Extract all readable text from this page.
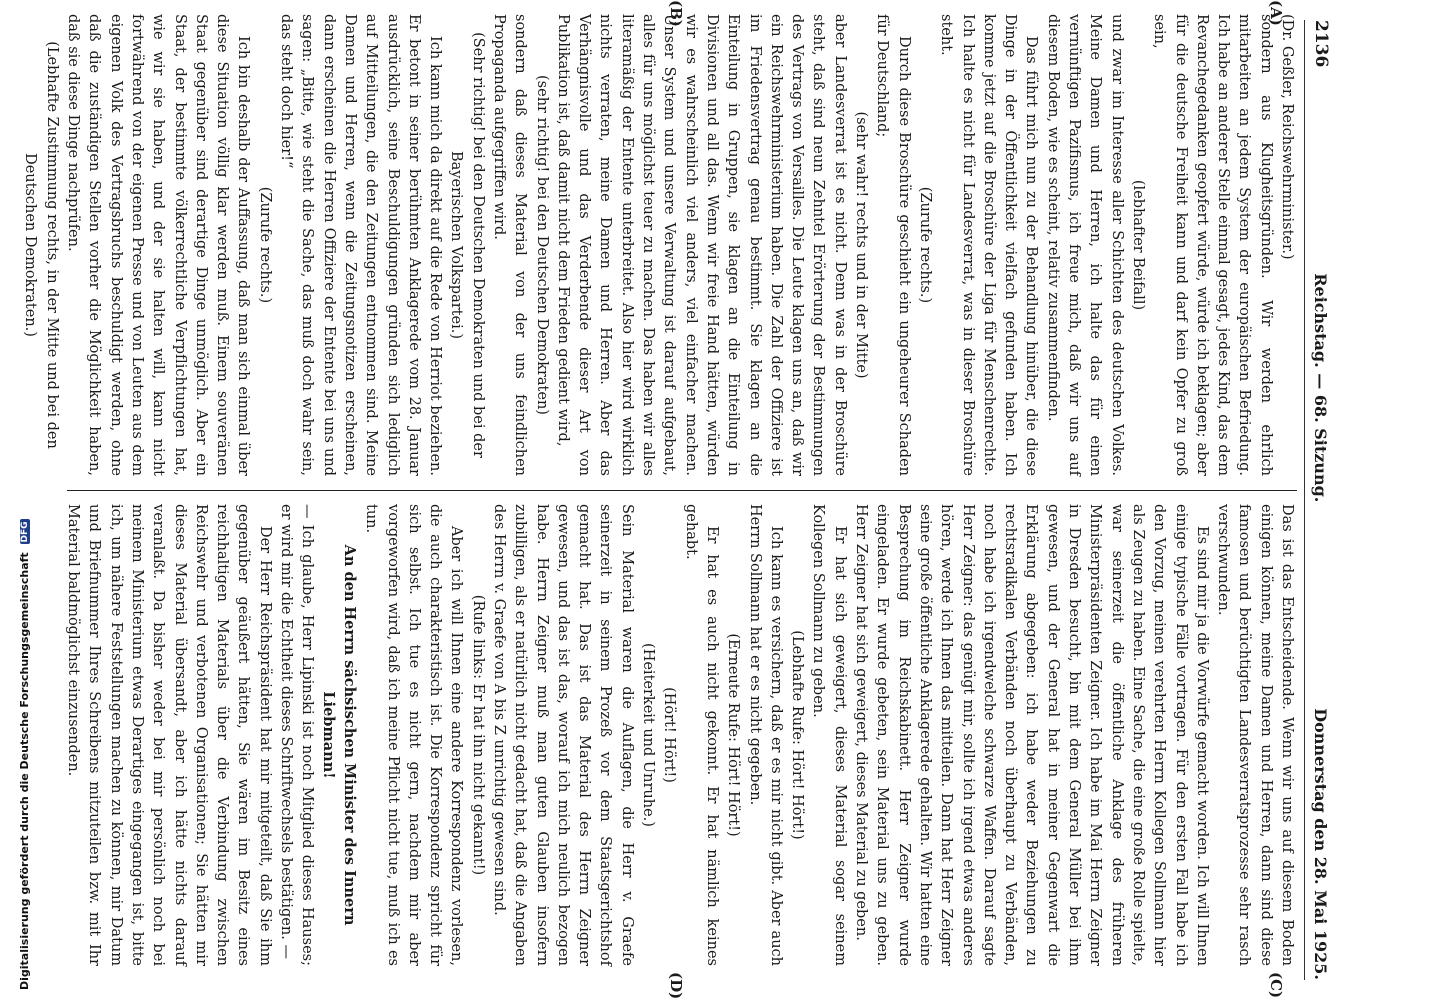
2136
Reichstag. — 68. Sitzung.
Donnerstag den 28. Mai 1925.
(A)
(B)
(C)
(D)

(Dr. Geßler, Reichswehrminister.)

sondern aus Klugheitsgründen. Wir werden ehrlich mitarbeiten an jedem System der europäischen Befriedung. Ich habe an anderer Stelle einmal gesagt, jedes Kind, das dem Revanchegedanken geopfert würde, würde ich beklagen; aber für die deutsche Freiheit kann und darf kein Opfer zu groß sein,

(lebhafter Beifall)

und zwar im Interesse aller Schichten des deutschen Volkes. Meine Damen und Herren, ich halte das für einen vernünftigen Pazifismus, ich freue mich, daß wir uns auf diesem Boden, wie es scheint, relativ zusammenfinden.

Das führt mich nun zu der Behandlung hinüber, die diese Dinge in der Öffentlichkeit vielfach gefunden haben. Ich komme jetzt auf die Broschüre der Liga für Menschenrechte. Ich halte es nicht für Landesverrat, was in dieser Broschüre steht.

(Zurufe rechts.)

Durch diese Broschüre geschieht ein ungeheurer Schaden für Deutschland;

(sehr wahr! rechts und in der Mitte)

aber Landesverrat ist es nicht. Denn was in der Broschüre steht, daß sind neun Zehntel Erörterung der Bestimmungen des Vertrags von Versailles. Die Leute klagen uns an, daß wir ein Reichswehrministerium haben. Die Zahl der Offiziere ist im Friedensvertrag genau bestimmt. Sie klagen an die Einteilung in Gruppen, sie klagen an die Einteilung in Divisionen und all das. Wenn wir freie Hand hätten, würden wir es wahrscheinlich viel anders, viel einfacher machen. Unser System und unsere Verwaltung ist darauf aufgebaut, alles für uns möglichst teuer zu machen. Das haben wir alles literamäßig der Entente unterbreitet. Also hier wird wirklich nichts verraten, meine Damen und Herren. Aber das Verhängnisvolle und das Verderbende dieser Art von Publikation ist, daß damit nicht dem Frieden gedient wird,

(sehr richtig! bei den Deutschen Demokraten)

sondern daß dieses Material von der uns feindlichen Propaganda aufgegriffen wird.

(Sehr richtig! bei den Deutschen Demokraten und bei der Bayerischen Volkspartei.)

Ich kann mich da direkt auf die Rede von Herriot beziehen. Er betont in seiner berühmten Anklagerede vom 28. Januar ausdrücklich, seine Beschuldigungen gründen sich lediglich auf Mitteilungen, die den Zeitungen entnommen sind. Meine Damen und Herren, wenn die Zeitungsnotizen erscheinen, dann erscheinen die Herren Offiziere der Entente bei uns und sagen: „Bitte, wie steht die Sache, das muß doch wahr sein, das steht doch hier!“

(Zurufe rechts.)

Ich bin deshalb der Auffassung, daß man sich einmal über diese Situation völlig klar werden muß. Einem souveränen Staat gegenüber sind derartige Dinge unmöglich. Aber ein Staat, der bestimmte völkerrechtliche Verpflichtungen hat, wie wir sie haben, und der sie halten will, kann nicht fortwährend von der eigenen Presse und von Leuten aus dem eigenen Volk des Vertragsbruchs beschuldigt werden, ohne daß die zuständigen Stellen vorher die Möglichkeit haben, daß sie diese Dinge nachprüfen.

(Lebhafte Zustimmung rechts, in der Mitte und bei den Deutschen Demokraten.)

Das ist das Entscheidende. Wenn wir uns auf diesem Boden einigen können, meine Damen und Herren, dann sind diese famosen und berüchtigten Landesverratsprozesse sehr rasch verschwunden.

Es sind mir ja die Vorwürfe gemacht worden. Ich will Ihnen einige typische Fälle vortragen. Für den ersten Fall habe ich den Vorzug, meinen verehrten Herrn Kollegen Sollmann hier als Zeugen zu haben. Eine Sache, die eine große Rolle spielte, war seinerzeit die öffentliche Anklage des früheren Ministerpräsidenten Zeigner. Ich habe im Mai Herrn Zeigner in Dresden besucht, bin mit dem General Müller bei ihm gewesen, und der General hat in meiner Gegenwart die Erklärung abgegeben: ich habe weder Beziehungen zu rechtsradikalen Verbänden noch überhaupt zu Verbänden, noch habe ich irgendwelche schwarze Waffen. Darauf sagte Herr Zeigner: das genügt mir, sollte ich irgend etwas anderes hören, werde ich Ihnen das mitteilen. Dann hat Herr Zeigner seine große öffentliche Anklagerede gehalten. Wir hatten eine Besprechung im Reichskabinett. Herr Zeigner wurde eingeladen. Er wurde gebeten, sein Material uns zu geben. Herr Zeigner hat sich geweigert, dieses Material zu geben.

Er hat sich geweigert, dieses Material sogar seinem Kollegen Sollmann zu geben.

(Lebhafte Rufe: Hört! Hört!)

Ich kann es versichern, daß er es mir nicht gibt. Aber auch Herrn Sollmann hat er es nicht gegeben.

(Erneute Rufe: Hört! Hört!)

Er hat es auch nicht gekonnt. Er hat nämlich keines gehabt.

(Hört! Hört!)

(Heiterkeit und Unruhe.)

Sein Material waren die Auflagen, die Herr v. Graefe seinerzeit in seinem Prozeß vor dem Staatsgerichtshof gemacht hat. Das ist das Material des Herrn Zeigner gewesen, und das ist das, worauf ich mich neulich bezogen habe. Herrn Zeigner muß man guten Glauben insofern zubilligen, als er natürlich nicht gedacht hat, daß die Angaben des Herrn v. Graefe von A bis Z unrichtig gewesen sind.

(Rufe links: Er hat ihn nicht gekannt!)

Aber ich will Ihnen eine andere Korrespondenz vorlesen, die auch charakteristisch ist. Die Korrespondenz spricht für sich selbst. Ich tue es nicht gern, nachdem mir aber vorgeworfen wird, daß ich meine Pflicht nicht tue, muß ich es tun.

An den Herrn sächsischen Minister des Innern Liebmann!

— Ich glaube, Herr Lipinski ist noch Mitglied dieses Hauses; er wird mir die Echtheit dieses Schriftwechsels bestätigen. —

Der Herr Reichspräsident hat mir mitgeteilt, daß Sie ihm gegenüber geäußert hätten, Sie wären im Besitz eines reichhaltigen Materials über die Verbindung zwischen Reichswehr und verbotenen Organisationen; Sie hätten mir dieses Material übersandt, aber ich hätte nichts darauf veranlaßt. Da bisher weder bei mir persönlich noch bei meinem Ministerium etwas Derartiges eingegangen ist, bitte ich, um nähere Feststellungen machen zu können, mir Datum und Briefnummer Ihres Schreibens mitzuteilen bzw. mit Ihr Material baldmöglichst einzusenden.

Digitalisierung gefördert durch die Deutsche Forschungsgemeinschaft DFG
